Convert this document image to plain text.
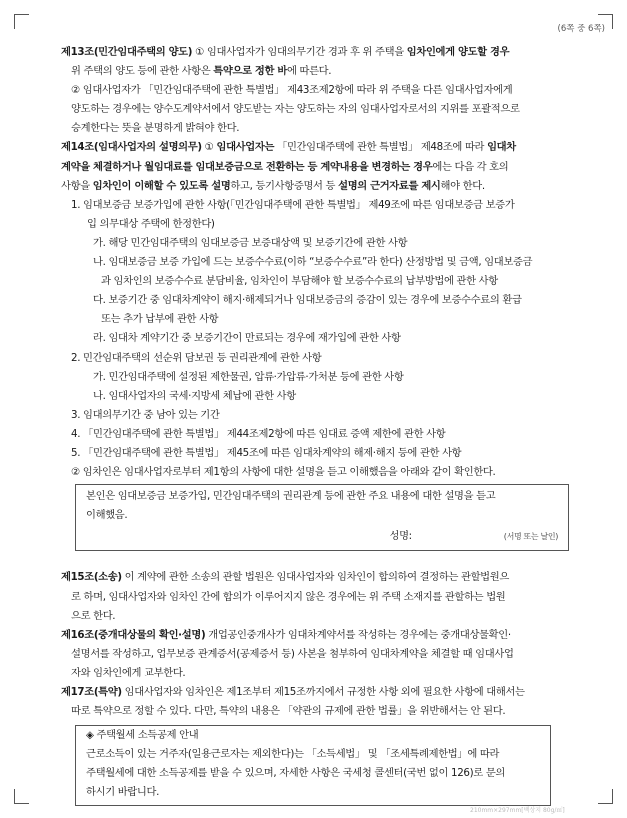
(6쪽 중 6쪽)

제13조(민간임대주택의 양도) ① 임대사업자가 임대의무기간 경과 후 위 주택을 임차인에게 양도할 경우

위 주택의 양도 등에 관한 사항은 특약으로 정한 바에 따른다.

② 임대사업자가 「민간임대주택에 관한 특별법」 제43조제2항에 따라 위 주택을 다른 임대사업자에게

양도하는 경우에는 양수도계약서에서 양도받는 자는 양도하는 자의 임대사업자로서의 지위를 포괄적으로

승계한다는 뜻을 분명하게 밝혀야 한다.

제14조(임대사업자의 설명의무) ① 임대사업자는 「민간임대주택에 관한 특별법」 제48조에 따라 임대차

계약을 체결하거나 월임대료를 임대보증금으로 전환하는 등 계약내용을 변경하는 경우에는 다음 각 호의

사항을 임차인이 이해할 수 있도록 설명하고, 등기사항증명서 등 설명의 근거자료를 제시해야 한다.

1. 임대보증금 보증가입에 관한 사항(「민간임대주택에 관한 특별법」 제49조에 따른 임대보증금 보증가

입 의무대상 주택에 한정한다)

가. 해당 민간임대주택의 임대보증금 보증대상액 및 보증기간에 관한 사항

나. 임대보증금 보증 가입에 드는 보증수수료(이하 “보증수수료”라 한다) 산정방법 및 금액, 임대보증금

과 임차인의 보증수수료 분담비율, 임차인이 부담해야 할 보증수수료의 납부방법에 관한 사항

다. 보증기간 중 임대차계약이 해지·해제되거나 임대보증금의 증감이 있는 경우에 보증수수료의 환급

또는 추가 납부에 관한 사항

라. 임대차 계약기간 중 보증기간이 만료되는 경우에 재가입에 관한 사항

2. 민간임대주택의 선순위 담보권 등 권리관계에 관한 사항

가. 민간임대주택에 설정된 제한물권, 압류·가압류·가처분 등에 관한 사항

나. 임대사업자의 국세·지방세 체납에 관한 사항

3. 임대의무기간 중 남아 있는 기간

4. 「민간임대주택에 관한 특별법」 제44조제2항에 따른 임대료 증액 제한에 관한 사항

5. 「민간임대주택에 관한 특별법」 제45조에 따른 임대차계약의 해제·해지 등에 관한 사항

② 임차인은 임대사업자로부터 제1항의 사항에 대한 설명을 듣고 이해했음을 아래와 같이 확인한다.

본인은 임대보증금 보증가입, 민간임대주택의 권리관계 등에 관한 주요 내용에 대한 설명을 듣고

이해했음.

성명:	(서명 또는 날인)

제15조(소송) 이 계약에 관한 소송의 관할 법원은 임대사업자와 임차인이 합의하여 결정하는 관할법원으

로 하며, 임대사업자와 임차인 간에 합의가 이루어지지 않은 경우에는 위 주택 소재지를 관할하는 법원

으로 한다.

제16조(중개대상물의 확인·설명) 개업공인중개사가 임대차계약서를 작성하는 경우에는 중개대상물확인·

설명서를 작성하고, 업무보증 관계증서(공제증서 등) 사본을 첨부하여 임대차계약을 체결할 때 임대사업

자와 임차인에게 교부한다.

제17조(특약) 임대사업자와 임차인은 제1조부터 제15조까지에서 규정한 사항 외에 필요한 사항에 대해서는

따로 특약으로 정할 수 있다. 다만, 특약의 내용은 「약관의 규제에 관한 법률」을 위반해서는 안 된다.

◈ 주택월세 소득공제 안내

근로소득이 있는 거주자(일용근로자는 제외한다)는 「소득세법」 및 「조세특례제한법」에 따라

주택월세에 대한 소득공제를 받을 수 있으며, 자세한 사항은 국세청 콜센터(국번 없이 126)로 문의

하시기 바랍니다.

210mm×297mm[백상지 80g/㎡]
